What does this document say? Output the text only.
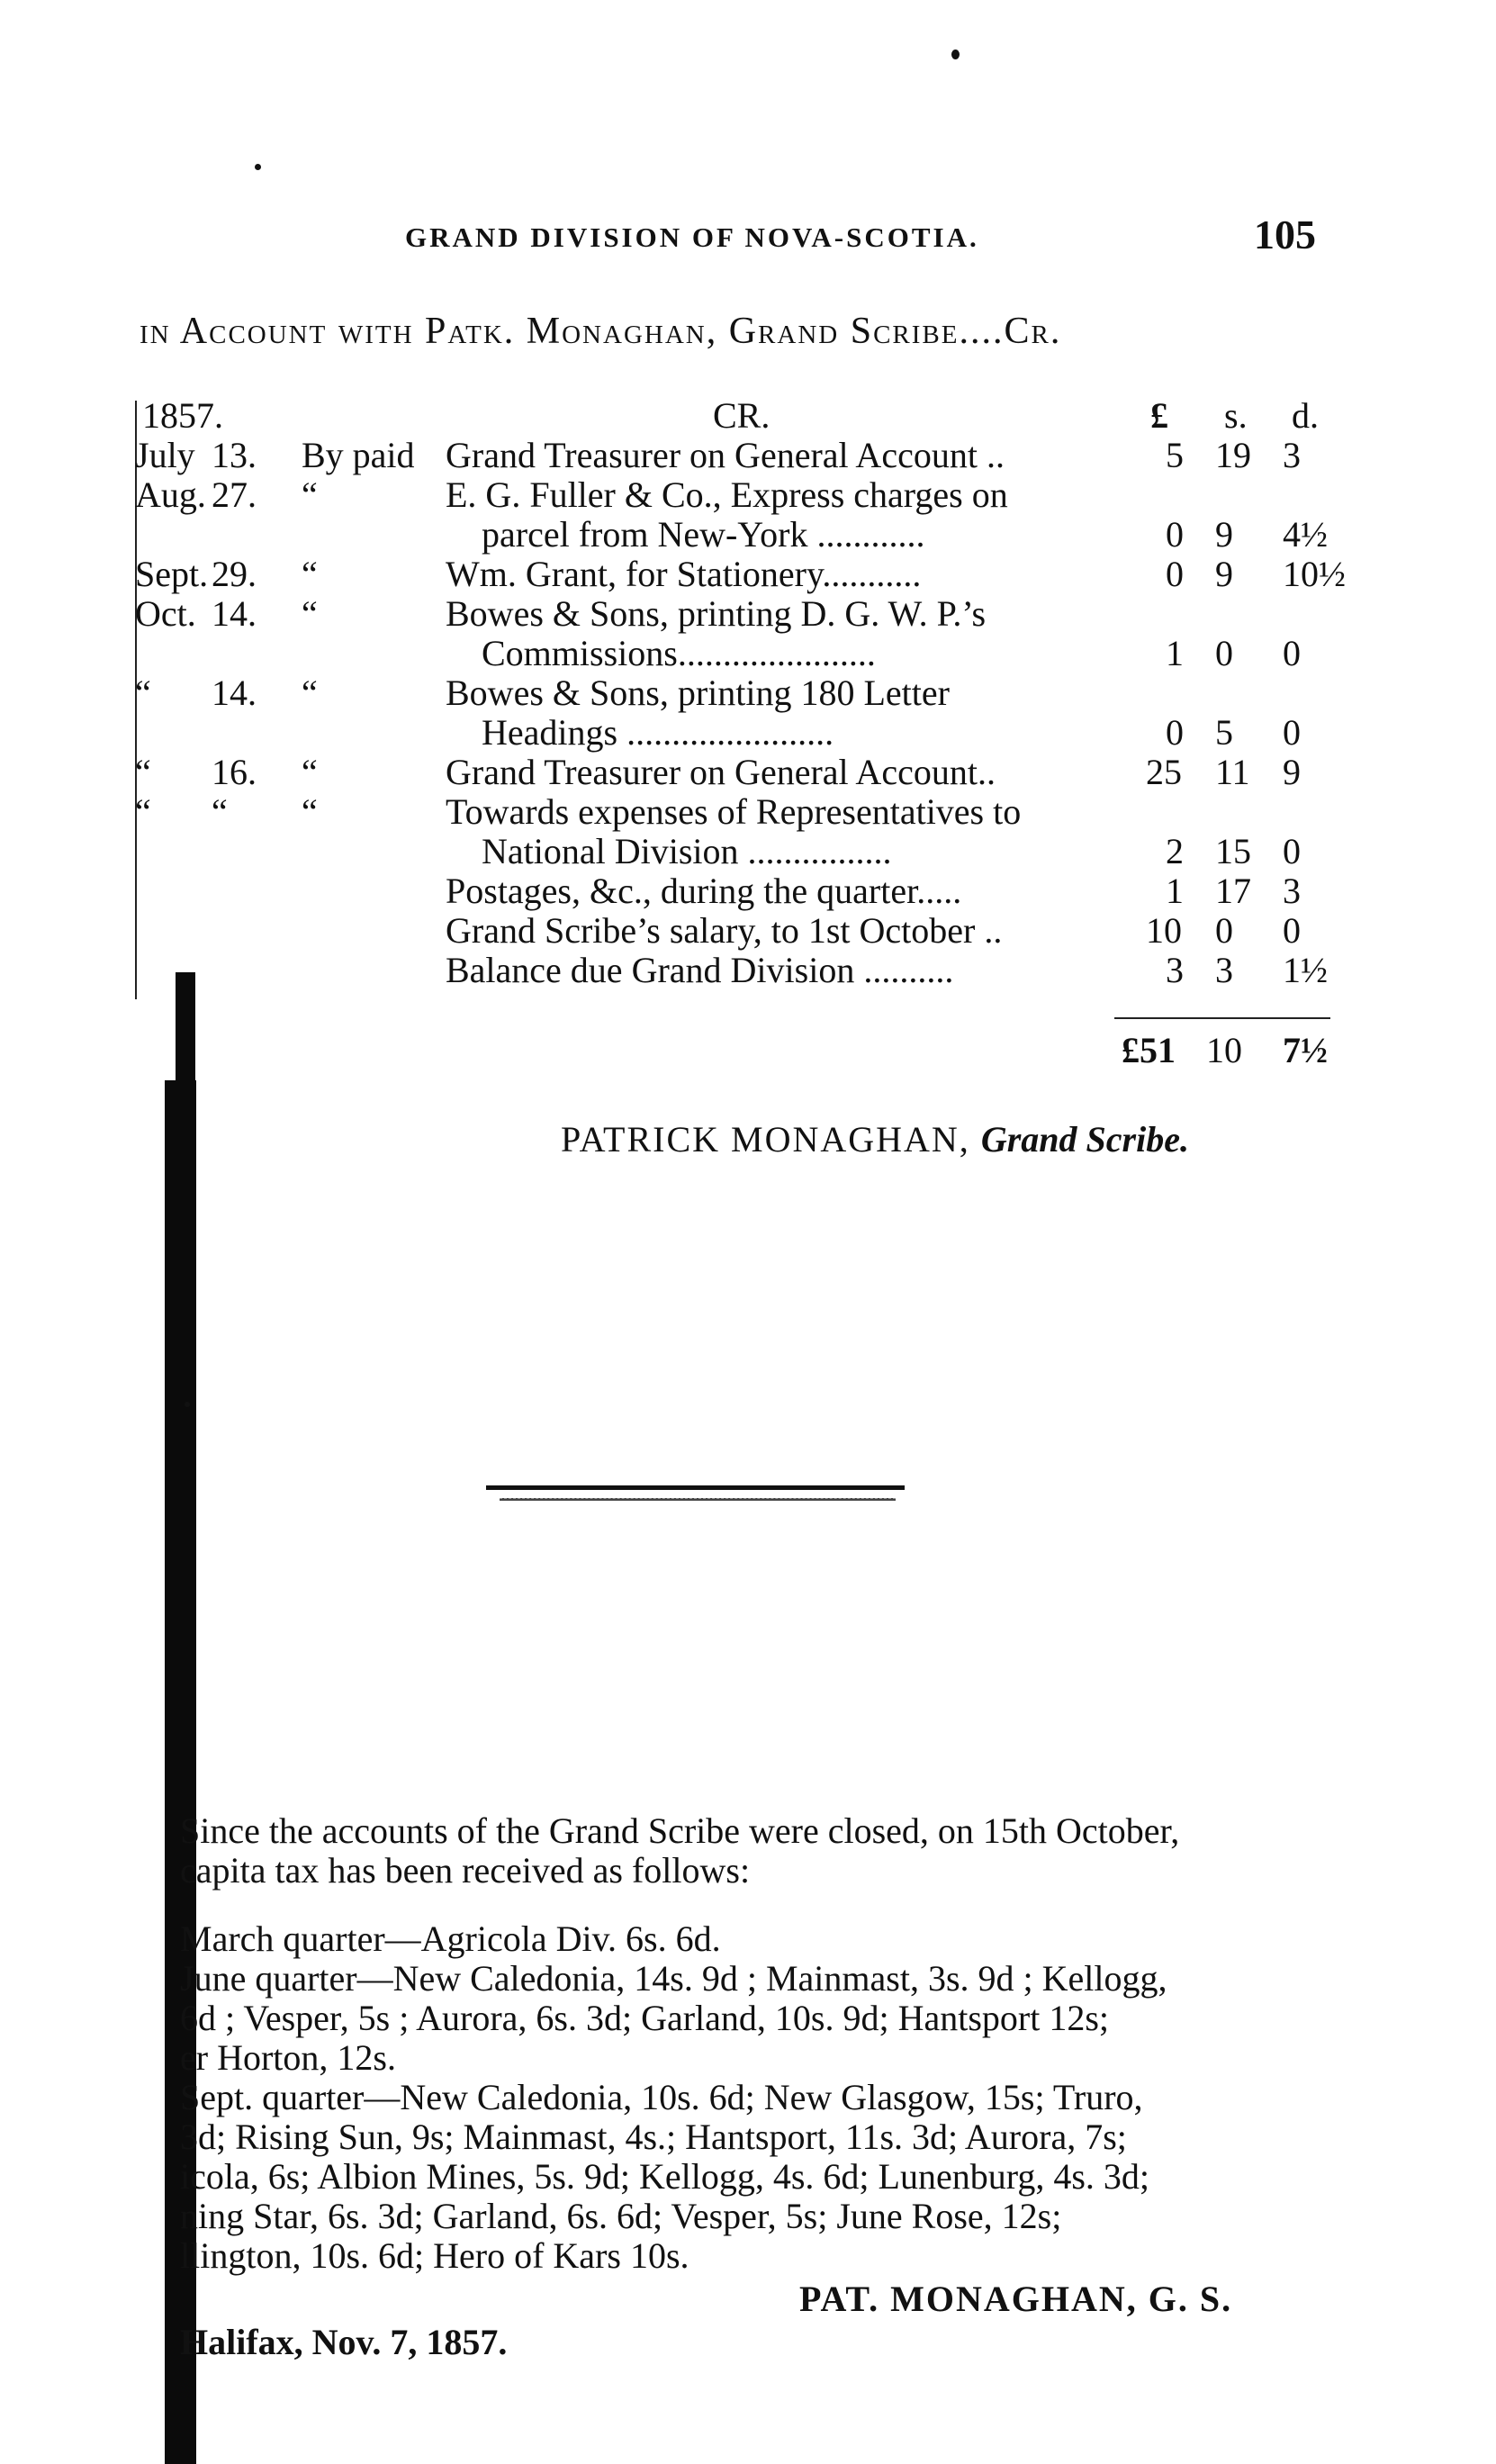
GRAND DIVISION OF NOVA-SCOTIA.	105
in Account with Patk. Monaghan, Grand Scribe....Cr.
1857.	CR.	£ s. d.
July 13. By paid Grand Treasurer on General Account ..	5 19 3
Aug. 27. “	E. G. Fuller & Co., Express charges on
parcel from New-York ............	0 9 4½
Sept. 29. “	Wm. Grant, for Stationery...........	0 9 10½
Oct. 14. “	Bowes & Sons, printing D. G. W. P.’s
Commissions......................	1 0 0
“ 14. “	Bowes & Sons, printing 180 Letter
Headings .......................	0 5 0
“ 16. “	Grand Treasurer on General Account..	25 11 9
“ “ “	Towards expenses of Representatives to
National Division ................	2 15 0
Postages, &c., during the quarter.....	1 17 3
Grand Scribe’s salary, to 1st October ..	10 0 0
Balance due Grand Division ..........	3 3 1½
£51 10 7½
PATRICK MONAGHAN, Grand Scribe.
Since the accounts of the Grand Scribe were closed, on 15th October,
capita tax has been received as follows:
March quarter—Agricola Div. 6s. 6d.
June quarter—New Caledonia, 14s. 9d ; Mainmast, 3s. 9d ; Kellogg,
6d ; Vesper, 5s ; Aurora, 6s. 3d; Garland, 10s. 9d; Hantsport 12s;
er Horton, 12s.
Sept. quarter—New Caledonia, 10s. 6d; New Glasgow, 15s; Truro,
3d; Rising Sun, 9s; Mainmast, 4s.; Hantsport, 11s. 3d; Aurora, 7s;
icola, 6s; Albion Mines, 5s. 9d; Kellogg, 4s. 6d; Lunenburg, 4s. 3d;
ning Star, 6s. 3d; Garland, 6s. 6d; Vesper, 5s; June Rose, 12s;
llington, 10s. 6d; Hero of Kars 10s.
PAT. MONAGHAN, G. S.
Halifax, Nov. 7, 1857.
